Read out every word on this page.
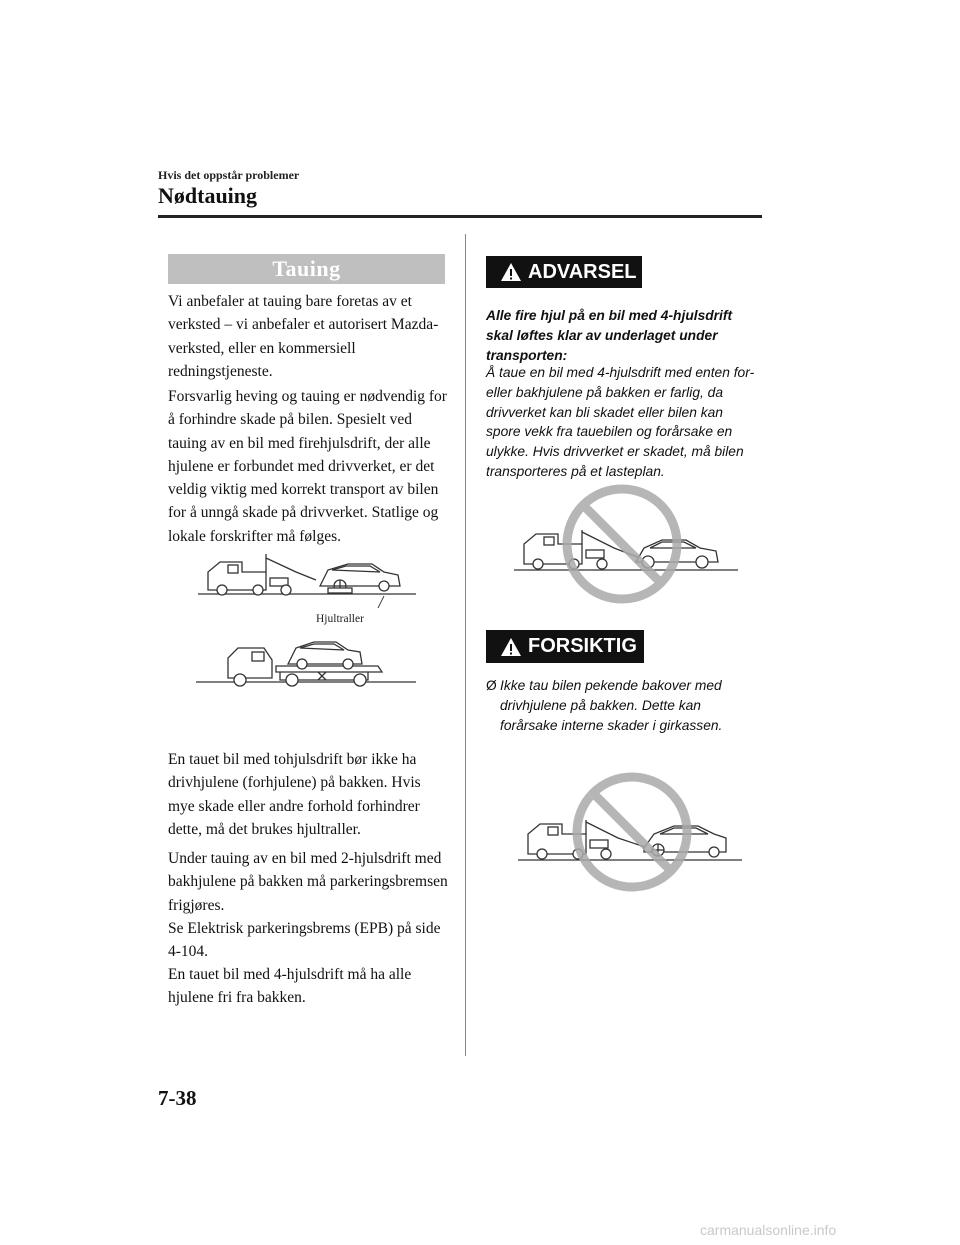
Hvis det oppstår problemer
Nødtauing
Tauing
Vi anbefaler at tauing bare foretas av et verksted – vi anbefaler et autorisert Mazda-verksted, eller en kommersiell redningstjeneste.
Forsvarlig heving og tauing er nødvendig for å forhindre skade på bilen. Spesielt ved tauing av en bil med firehjulsdrift, der alle hjulene er forbundet med drivverket, er det veldig viktig med korrekt transport av bilen for å unngå skade på drivverket. Statlige og lokale forskrifter må følges.
Hjultraller
En tauet bil med tohjulsdrift bør ikke ha drivhjulene (forhjulene) på bakken. Hvis mye skade eller andre forhold forhindrer dette, må det brukes hjultraller.
Under tauing av en bil med 2-hjulsdrift med bakhjulene på bakken må parkeringsbremsen frigjøres.
Se Elektrisk parkeringsbrems (EPB) på side 4-104.
En tauet bil med 4-hjulsdrift må ha alle hjulene fri fra bakken.
ADVARSEL
Alle fire hjul på en bil med 4-hjulsdrift skal løftes klar av underlaget under transporten:
Å taue en bil med 4-hjulsdrift med enten for- eller bakhjulene på bakken er farlig, da drivverket kan bli skadet eller bilen kan spore vekk fra tauebilen og forårsake en ulykke. Hvis drivverket er skadet, må bilen transporteres på et lasteplan.
FORSIKTIG
Ø Ikke tau bilen pekende bakover med drivhjulene på bakken. Dette kan forårsake interne skader i girkassen.
7-38
carmanualsonline.info
